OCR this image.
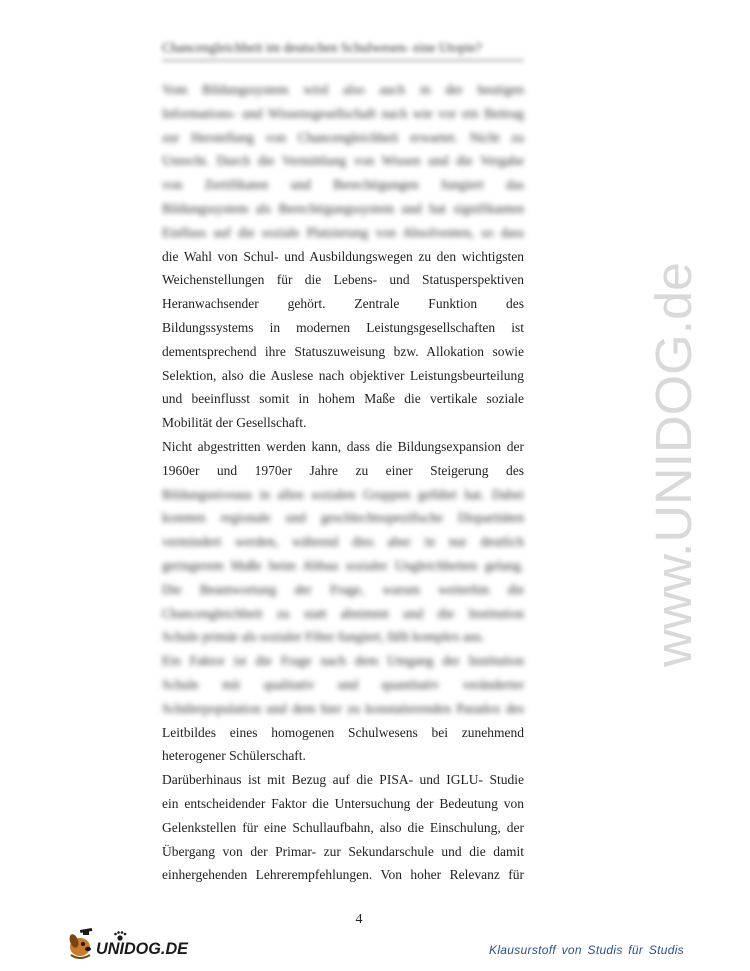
Chancengleichheit im deutschen Schulwesen- eine Utopie?
Vom Bildungssystem wird also auch in der heutigen
Informations- und Wissensgesellschaft nach wie vor ein Beitrag
zur Herstellung von Chancengleichheit erwartet. Nicht zu
Unrecht. Durch die Vermittlung von Wissen und die Vergabe
von Zertifikaten und Berechtigungen fungiert das
Bildungssystem als Berechtigungssystem und hat signifikanten
Einfluss auf die soziale Platzierung von Absolventen, so dass
die Wahl von Schul- und Ausbildungswegen zu den wichtigsten
Weichenstellungen für die Lebens- und Statusperspektiven
Heranwachsender gehört. Zentrale Funktion des
Bildungssystems in modernen Leistungsgesellschaften ist
dementsprechend ihre Statuszuweisung bzw. Allokation sowie
Selektion, also die Auslese nach objektiver Leistungsbeurteilung
und beeinflusst somit in hohem Maße die vertikale soziale
Mobilität der Gesellschaft.
Nicht abgestritten werden kann, dass die Bildungsexpansion der
1960er und 1970er Jahre zu einer Steigerung des
Bildungsniveaus in allen sozialen Gruppen geführt hat. Dabei
konnten regionale und geschlechtsspezifische Disparitäten
vermindert werden, während dies aber in nur deutlich
geringerem Maße beim Abbau sozialer Ungleichheiten gelang.
Die Beantwortung der Frage, warum weiterhin die
Chancengleichheit zu statt abnimmt und die Institution
Schule primär als sozialer Filter fungiert, fällt komplex aus.
Ein Faktor ist die Frage nach dem Umgang der Institution
Schule mit qualitativ und quantitativ veränderter
Schülerpopulation und dem hier zu konstatierenden Paradox des
Leitbildes eines homogenen Schulwesens bei zunehmend
heterogener Schülerschaft.
Darüberhinaus ist mit Bezug auf die PISA- und IGLU- Studie
ein entscheidender Faktor die Untersuchung der Bedeutung von
Gelenkstellen für eine Schullaufbahn, also die Einschulung, der
Übergang von der Primar- zur Sekundarschule und die damit
einhergehenden Lehrerempfehlungen. Von hoher Relevanz für
4
www.UNIDOG.de
UNIDOG.DE	Klausurstoff von Studis für Studis
